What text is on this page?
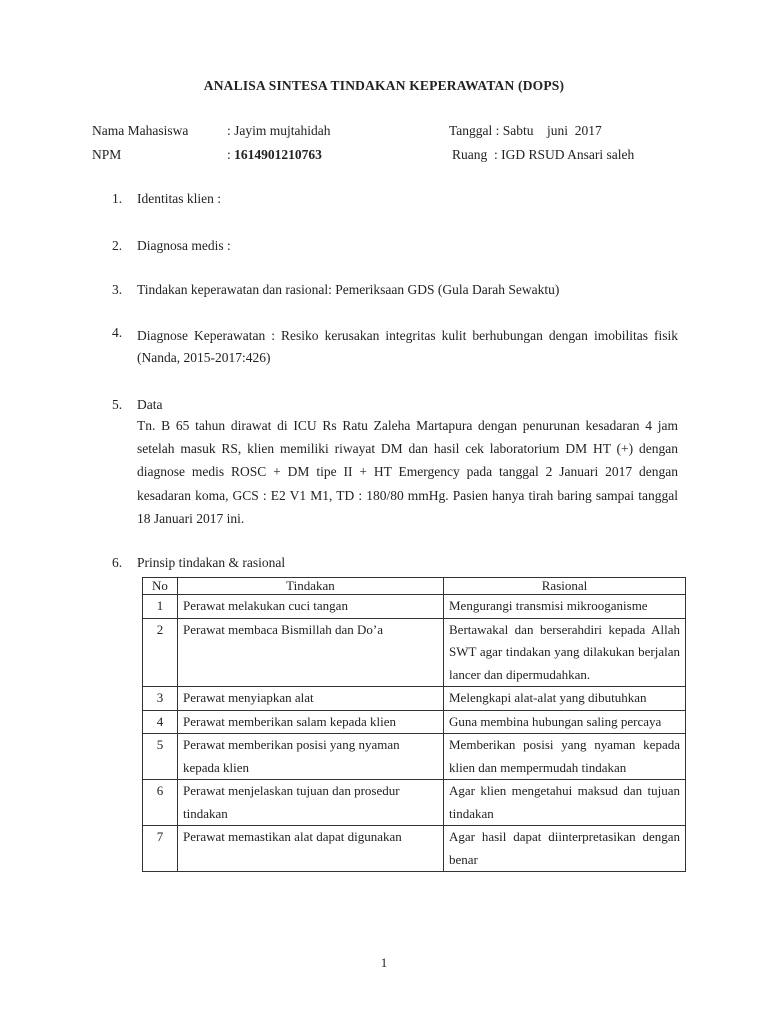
ANALISA SINTESA TINDAKAN KEPERAWATAN (DOPS)
Nama Mahasiswa	: Jayim mujtahidah	Tanggal : Sabtu    juni  2017
NPM	: 1614901210763	Ruang  : IGD RSUD Ansari saleh
1.	Identitas klien :
2.	Diagnosa medis :
3.	Tindakan keperawatan dan rasional: Pemeriksaan GDS (Gula Darah Sewaktu)
4.	Diagnose Keperawatan : Resiko kerusakan integritas kulit berhubungan dengan imobilitas fisik (Nanda, 2015-2017:426)
5.	Data
Tn. B 65 tahun dirawat di ICU Rs Ratu Zaleha Martapura dengan penurunan kesadaran 4 jam setelah masuk RS, klien memiliki riwayat DM dan hasil cek laboratorium DM HT (+) dengan diagnose medis ROSC + DM tipe II + HT Emergency pada tanggal 2 Januari 2017 dengan kesadaran koma, GCS : E2 V1 M1, TD : 180/80 mmHg. Pasien hanya tirah baring sampai tanggal 18 Januari 2017 ini.
6.	Prinsip tindakan & rasional
No	Tindakan	Rasional
1	Perawat melakukan cuci tangan	Mengurangi transmisi mikrooganisme
2	Perawat membaca Bismillah dan Do’a	Bertawakal dan berserahdiri kepada Allah SWT agar tindakan yang dilakukan berjalan lancer dan dipermudahkan.
3	Perawat menyiapkan alat	Melengkapi alat-alat yang dibutuhkan
4	Perawat memberikan salam kepada klien	Guna membina hubungan saling percaya
5	Perawat memberikan posisi yang nyaman kepada klien	Memberikan posisi yang nyaman kepada klien dan mempermudah tindakan
6	Perawat menjelaskan tujuan dan prosedur tindakan	Agar klien mengetahui maksud dan tujuan tindakan
7	Perawat memastikan alat dapat digunakan	Agar hasil dapat diinterpretasikan dengan benar
1
